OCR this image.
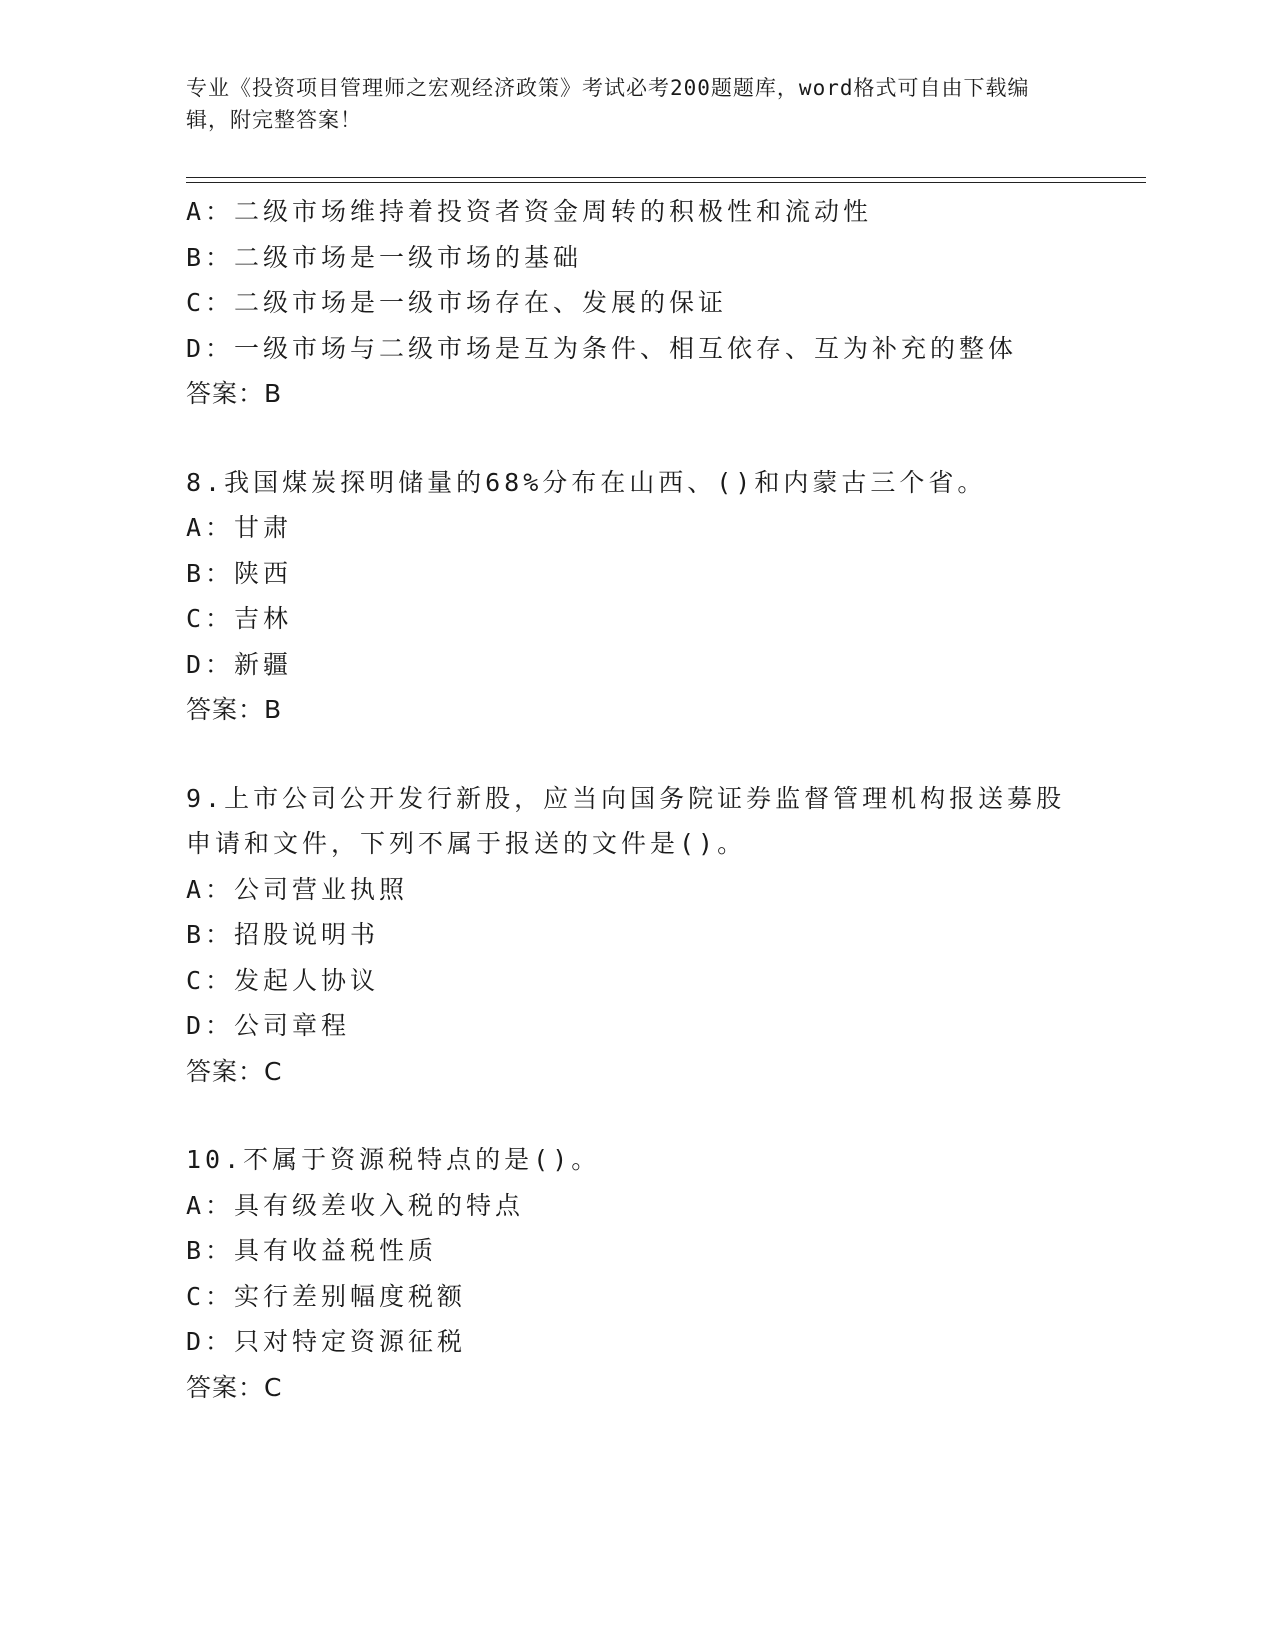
专业《投资项目管理师之宏观经济政策》考试必考200题题库，word格式可自由下载编辑，附完整答案！
A：二级市场维持着投资者资金周转的积极性和流动性
B：二级市场是一级市场的基础
C：二级市场是一级市场存在、发展的保证
D：一级市场与二级市场是互为条件、相互依存、互为补充的整体
答案：B
8.我国煤炭探明储量的68%分布在山西、()和内蒙古三个省。
A：甘肃
B：陕西
C：吉林
D：新疆
答案：B
9.上市公司公开发行新股，应当向国务院证券监督管理机构报送募股
申请和文件，下列不属于报送的文件是()。
A：公司营业执照
B：招股说明书
C：发起人协议
D：公司章程
答案：C
10.不属于资源税特点的是()。
A：具有级差收入税的特点
B：具有收益税性质
C：实行差别幅度税额
D：只对特定资源征税
答案：C
